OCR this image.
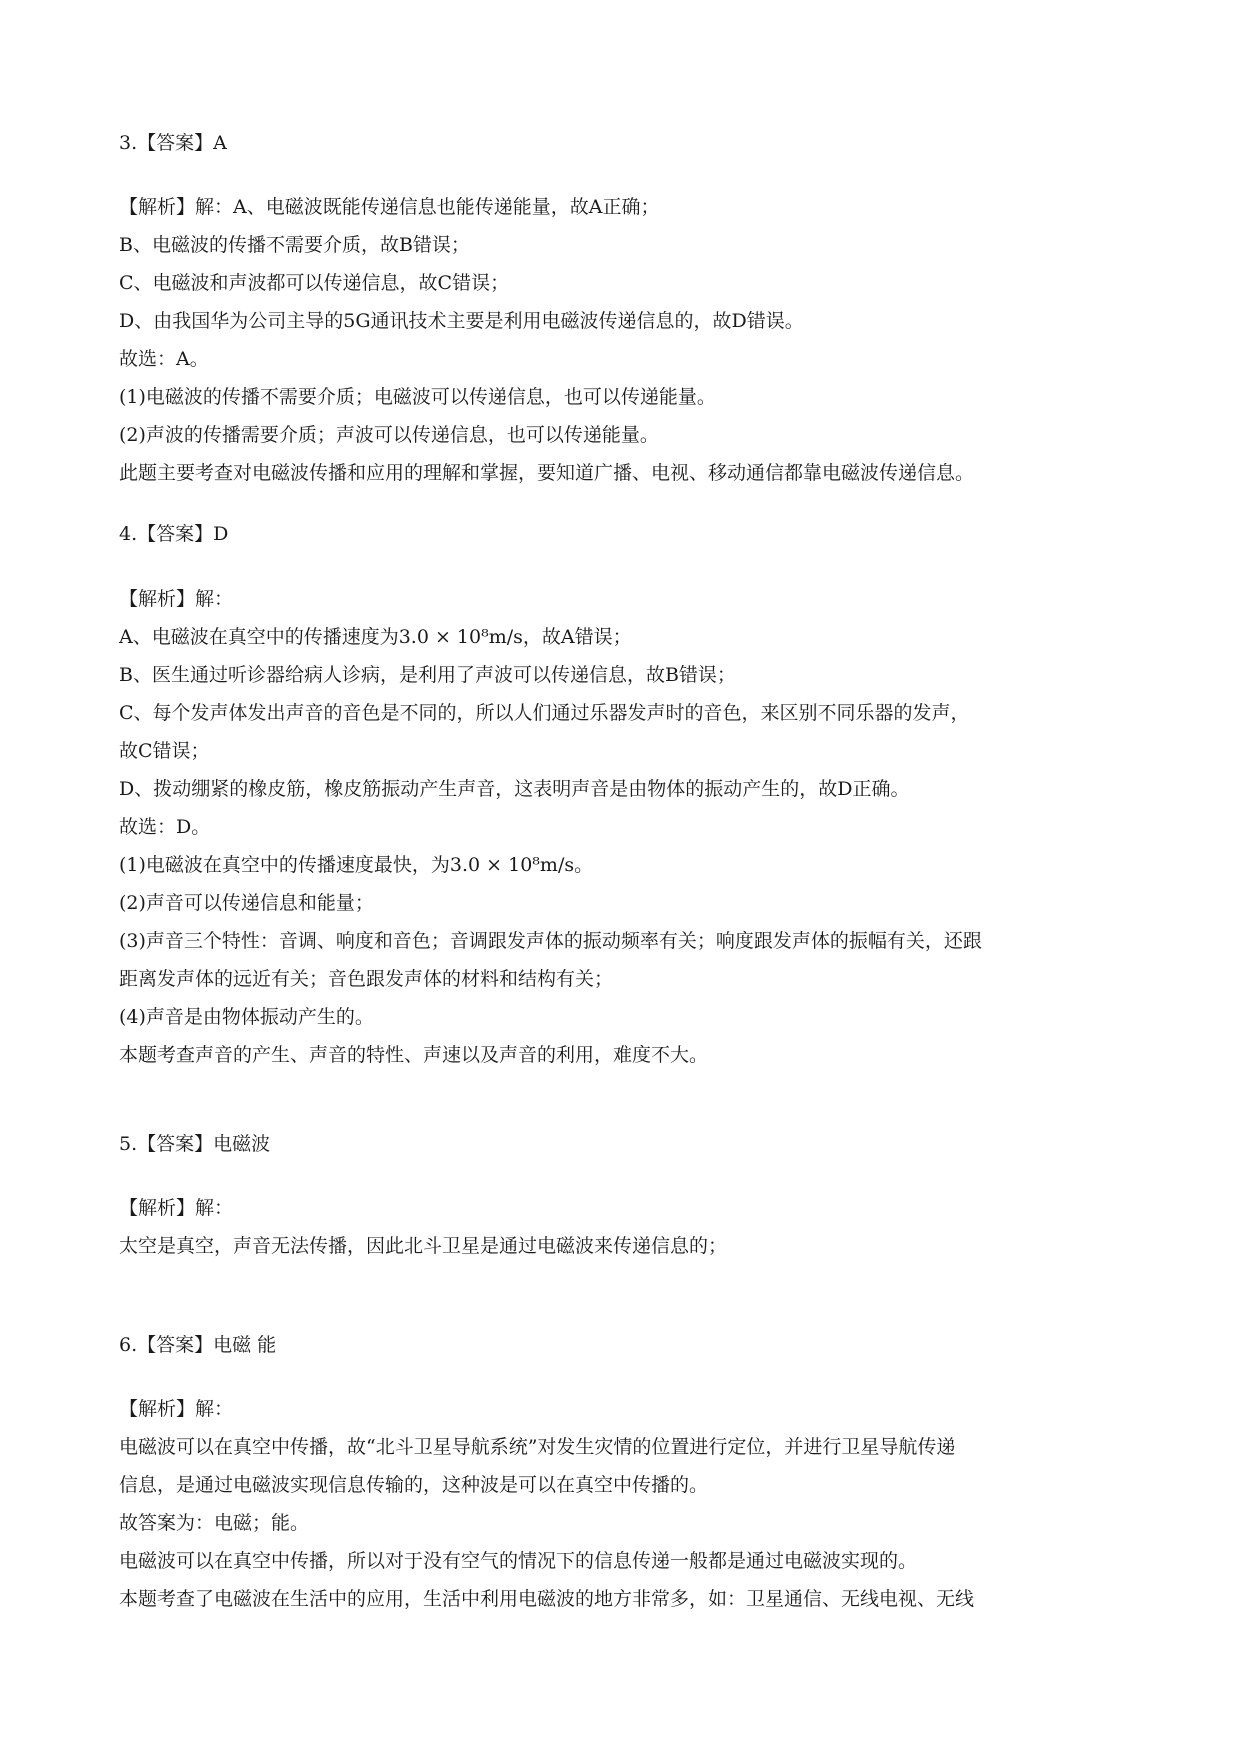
3.【答案】A
【解析】解：A、电磁波既能传递信息也能传递能量，故A正确；
B、电磁波的传播不需要介质，故B错误；
C、电磁波和声波都可以传递信息，故C错误；
D、由我国华为公司主导的5G通讯技术主要是利用电磁波传递信息的，故D错误。
故选：A。
(1)电磁波的传播不需要介质；电磁波可以传递信息，也可以传递能量。
(2)声波的传播需要介质；声波可以传递信息，也可以传递能量。
此题主要考查对电磁波传播和应用的理解和掌握，要知道广播、电视、移动通信都靠电磁波传递信息。
4.【答案】D
【解析】解：
A、电磁波在真空中的传播速度为3.0 × 10⁸m/s，故A错误；
B、医生通过听诊器给病人诊病，是利用了声波可以传递信息，故B错误；
C、每个发声体发出声音的音色是不同的，所以人们通过乐器发声时的音色，来区别不同乐器的发声，
故C错误；
D、拨动绷紧的橡皮筋，橡皮筋振动产生声音，这表明声音是由物体的振动产生的，故D正确。
故选：D。
(1)电磁波在真空中的传播速度最快，为3.0 × 10⁸m/s。
(2)声音可以传递信息和能量；
(3)声音三个特性：音调、响度和音色；音调跟发声体的振动频率有关；响度跟发声体的振幅有关，还跟
距离发声体的远近有关；音色跟发声体的材料和结构有关；
(4)声音是由物体振动产生的。
本题考查声音的产生、声音的特性、声速以及声音的利用，难度不大。
5.【答案】电磁波
【解析】解：
太空是真空，声音无法传播，因此北斗卫星是通过电磁波来传递信息的；
6.【答案】电磁 能
【解析】解：
电磁波可以在真空中传播，故“北斗卫星导航系统”对发生灾情的位置进行定位，并进行卫星导航传递
信息，是通过电磁波实现信息传输的，这种波是可以在真空中传播的。
故答案为：电磁；能。
电磁波可以在真空中传播，所以对于没有空气的情况下的信息传递一般都是通过电磁波实现的。
本题考查了电磁波在生活中的应用，生活中利用电磁波的地方非常多，如：卫星通信、无线电视、无线
